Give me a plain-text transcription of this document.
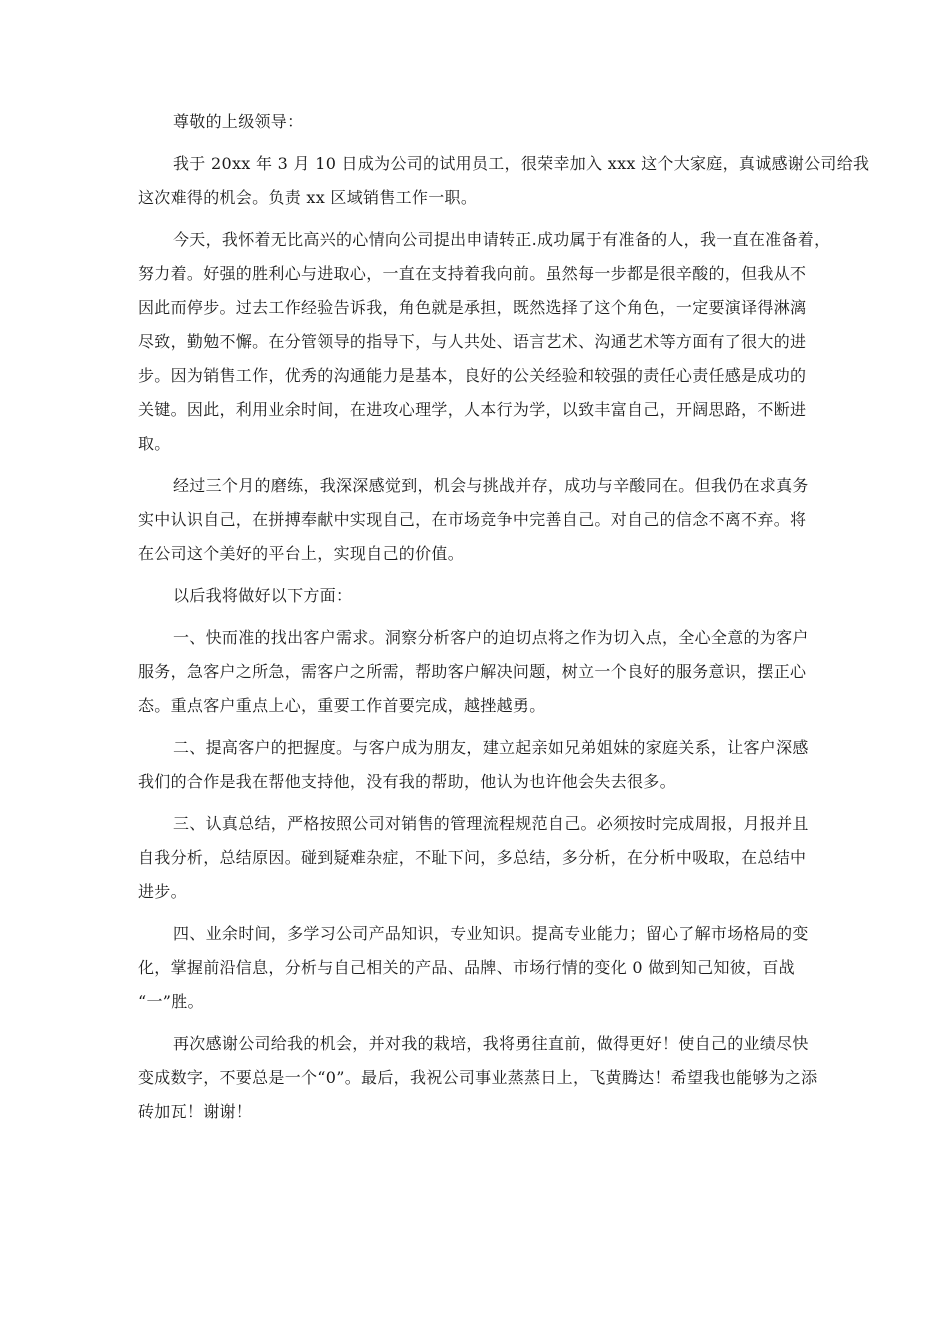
尊敬的上级领导：
我于 20xx 年 3 月 10 日成为公司的试用员工，很荣幸加入 xxx 这个大家庭，真诚感谢公司给我
这次难得的机会。负责 xx 区域销售工作一职。
今天，我怀着无比高兴的心情向公司提出申请转正.成功属于有准备的人，我一直在准备着，
努力着。好强的胜利心与进取心，一直在支持着我向前。虽然每一步都是很辛酸的，但我从不
因此而停步。过去工作经验告诉我，角色就是承担，既然选择了这个角色，一定要演译得淋漓
尽致，勤勉不懈。在分管领导的指导下，与人共处、语言艺术、沟通艺术等方面有了很大的进
步。因为销售工作，优秀的沟通能力是基本，良好的公关经验和较强的责任心责任感是成功的
关键。因此，利用业余时间，在进攻心理学，人本行为学，以致丰富自己，开阔思路，不断进
取。
经过三个月的磨练，我深深感觉到，机会与挑战并存，成功与辛酸同在。但我仍在求真务
实中认识自己，在拼搏奉献中实现自己，在市场竞争中完善自己。对自己的信念不离不弃。将
在公司这个美好的平台上，实现自己的价值。
以后我将做好以下方面：
一、快而准的找出客户需求。洞察分析客户的迫切点将之作为切入点，全心全意的为客户
服务，急客户之所急，需客户之所需，帮助客户解决问题，树立一个良好的服务意识，摆正心
态。重点客户重点上心，重要工作首要完成，越挫越勇。
二、提高客户的把握度。与客户成为朋友，建立起亲如兄弟姐妹的家庭关系，让客户深感
我们的合作是我在帮他支持他，没有我的帮助，他认为也许他会失去很多。
三、认真总结，严格按照公司对销售的管理流程规范自己。必须按时完成周报，月报并且
自我分析，总结原因。碰到疑难杂症，不耻下问，多总结，多分析，在分析中吸取，在总结中
进步。
四、业余时间，多学习公司产品知识，专业知识。提高专业能力；留心了解市场格局的变
化，掌握前沿信息，分析与自己相关的产品、品牌、市场行情的变化 0 做到知己知彼，百战
“一”胜。
再次感谢公司给我的机会，并对我的栽培，我将勇往直前，做得更好！使自己的业绩尽快
变成数字，不要总是一个“0”。最后，我祝公司事业蒸蒸日上，飞黄腾达！希望我也能够为之添
砖加瓦！谢谢！
